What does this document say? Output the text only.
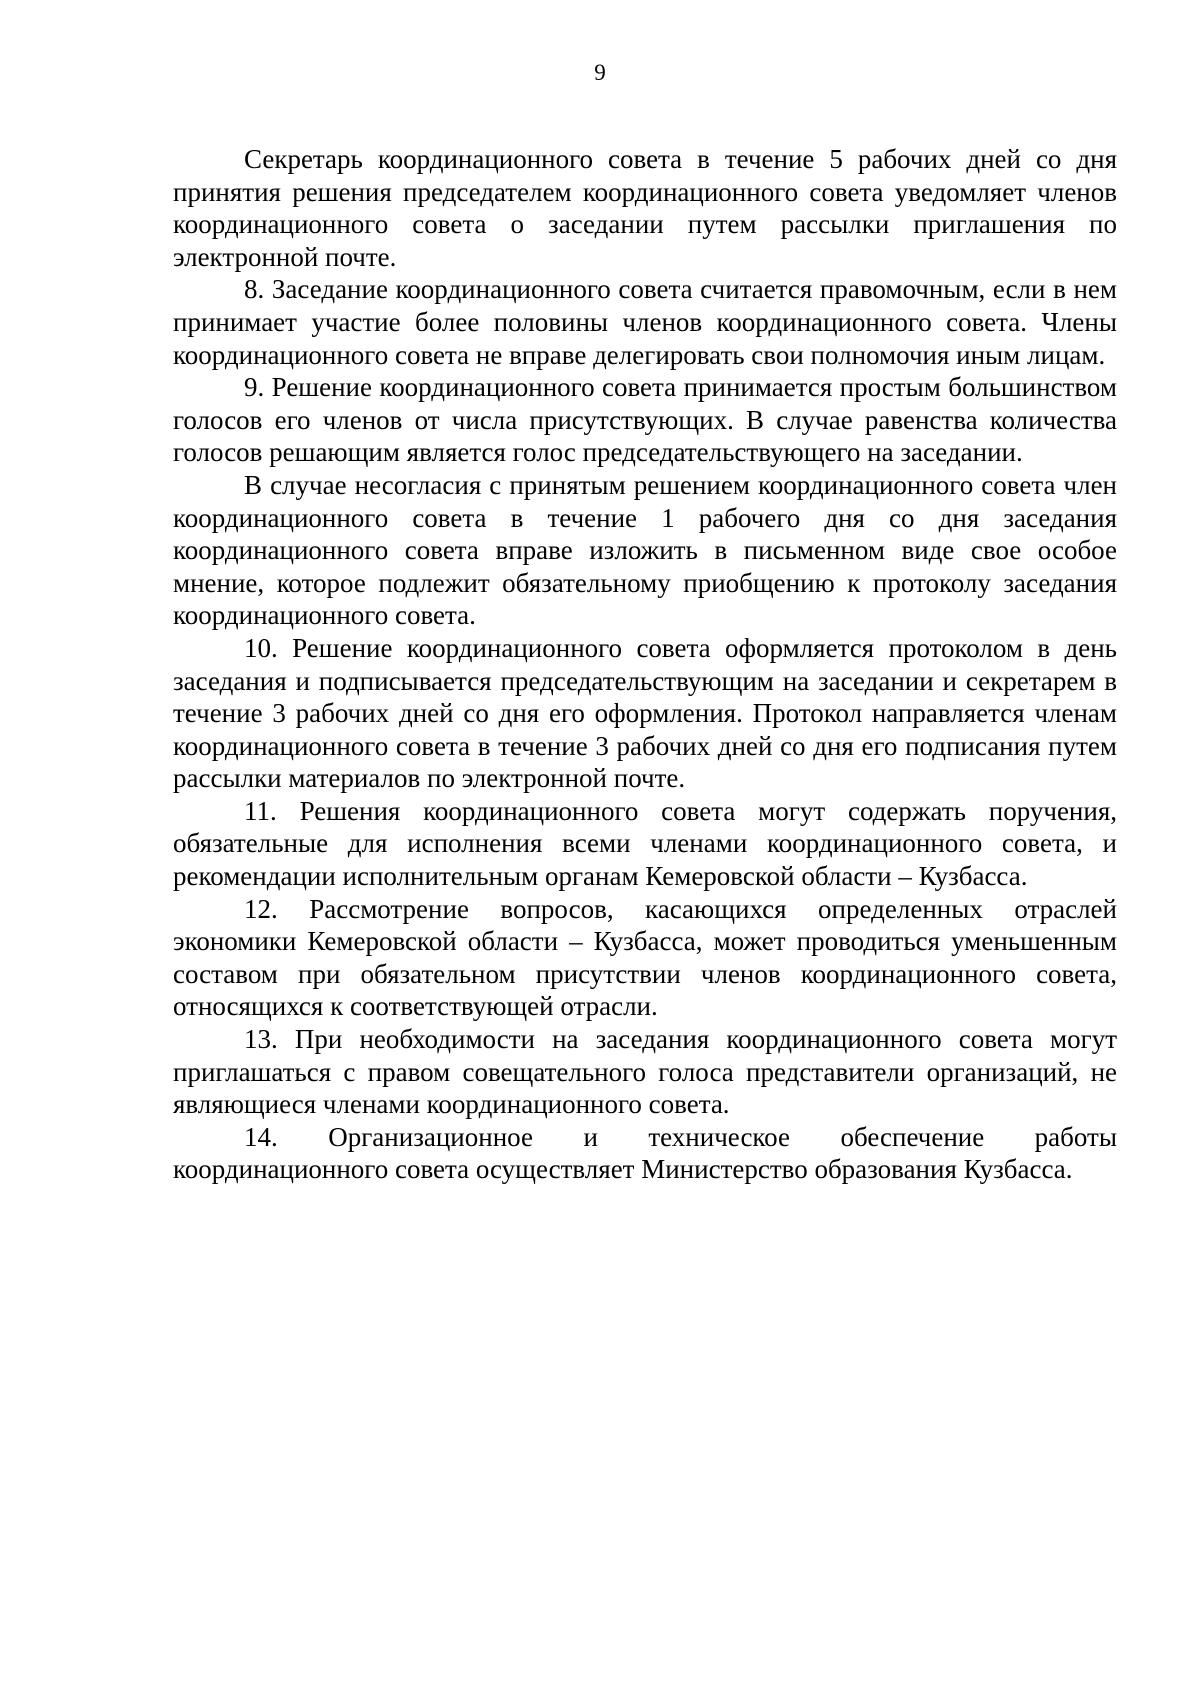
9

Секретарь координационного совета в течение 5 рабочих дней со дня принятия решения председателем координационного совета уведомляет членов координационного совета о заседании путем рассылки приглашения по электронной почте.

8. Заседание координационного совета считается правомочным, если в нем принимает участие более половины членов координационного совета. Члены координационного совета не вправе делегировать свои полномочия иным лицам.

9. Решение координационного совета принимается простым большинством голосов его членов от числа присутствующих. В случае равенства количества голосов решающим является голос председательствующего на заседании.

В случае несогласия с принятым решением координационного совета член координационного совета в течение 1 рабочего дня со дня заседания координационного совета вправе изложить в письменном виде свое особое мнение, которое подлежит обязательному приобщению к протоколу заседания координационного совета.

10. Решение координационного совета оформляется протоколом в день заседания и подписывается председательствующим на заседании и секретарем в течение 3 рабочих дней со дня его оформления. Протокол направляется членам координационного совета в течение 3 рабочих дней со дня его подписания путем рассылки материалов по электронной почте.

11. Решения координационного совета могут содержать поручения, обязательные для исполнения всеми членами координационного совета, и рекомендации исполнительным органам Кемеровской области – Кузбасса.

12. Рассмотрение вопросов, касающихся определенных отраслей экономики Кемеровской области – Кузбасса, может проводиться уменьшенным составом при обязательном присутствии членов координационного совета, относящихся к соответствующей отрасли.

13. При необходимости на заседания координационного совета могут приглашаться с правом совещательного голоса представители организаций, не являющиеся членами координационного совета.

14. Организационное и техническое обеспечение работы координационного совета осуществляет Министерство образования Кузбасса.
